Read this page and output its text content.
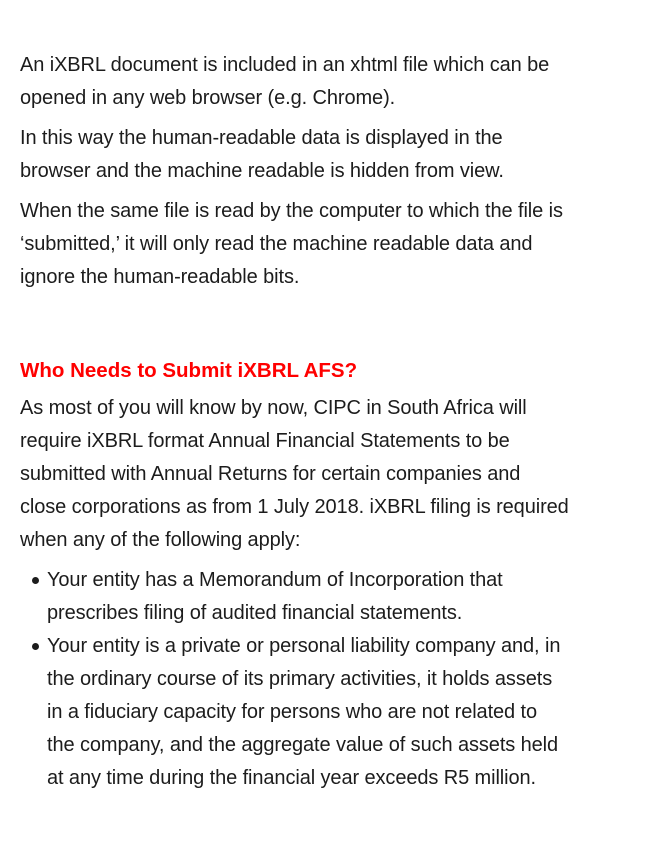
An iXBRL document is included in an xhtml file which can be
opened in any web browser (e.g. Chrome).
In this way the human-readable data is displayed in the
browser and the machine readable is hidden from view.
When the same file is read by the computer to which the file is
‘submitted,’ it will only read the machine readable data and
ignore the human-readable bits.
Who Needs to Submit iXBRL AFS?
As most of you will know by now, CIPC in South Africa will
require iXBRL format Annual Financial Statements to be
submitted with Annual Returns for certain companies and
close corporations as from 1 July 2018. iXBRL filing is required
when any of the following apply:
Your entity has a Memorandum of Incorporation that
prescribes filing of audited financial statements.
Your entity is a private or personal liability company and, in
the ordinary course of its primary activities, it holds assets
in a fiduciary capacity for persons who are not related to
the company, and the aggregate value of such assets held
at any time during the financial year exceeds R5 million.
